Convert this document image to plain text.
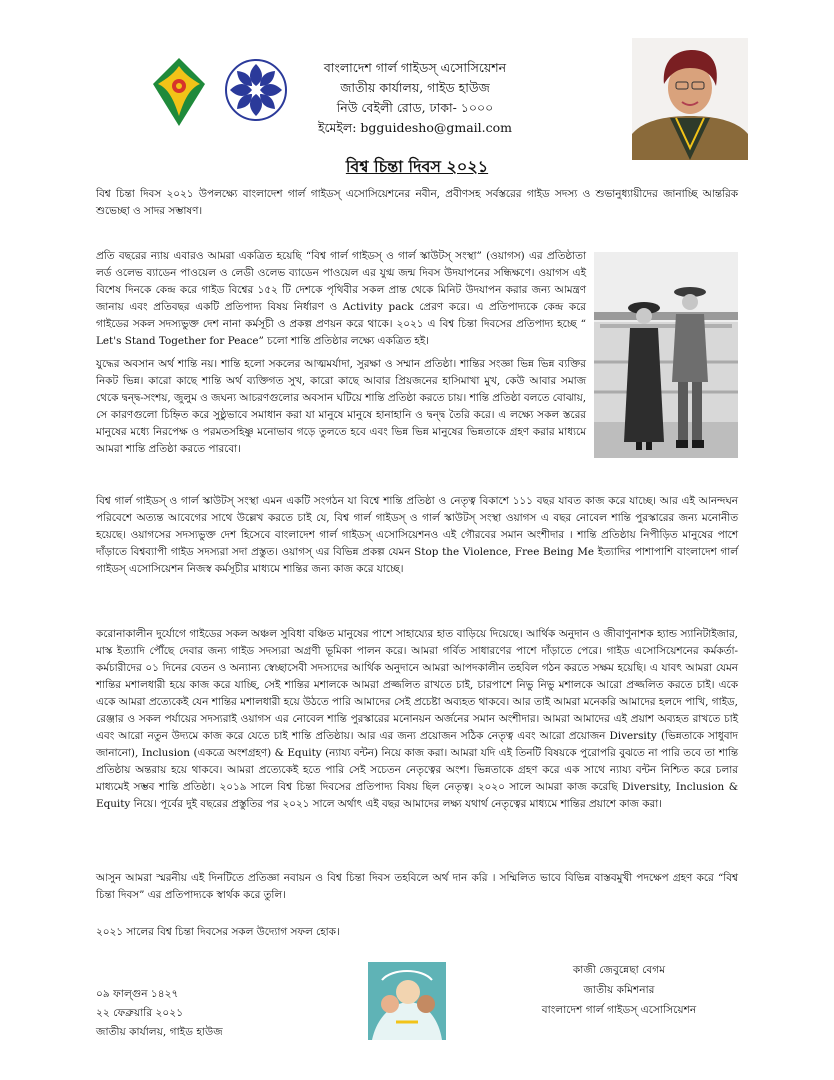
বাংলাদেশ গার্ল গাইডস্ এসোসিয়েশন
জাতীয় কার্যালয়, গাইড হাউজ
নিউ বেইলী রোড, ঢাকা- ১০০০
ইমেইল: bgguidesho@gmail.com
বিশ্ব চিন্তা দিবস ২০২১
বিশ্ব চিন্তা দিবস ২০২১ উপলক্ষ্যে বাংলাদেশ গার্ল গাইডস্ এসোসিয়েশনের নবীন, প্রবীণসহ সর্বস্তরের গাইড সদস্য ও শুভানুধ্যায়ীদের জানাচ্ছি আন্তরিক শুভেচ্ছা ও সাদর সম্ভাষণ।
প্রতি বছরের ন্যায় এবারও আমরা একত্রিত হয়েছি “বিশ্ব গার্ল গাইডস্ ও গার্ল স্কাউটস্ সংস্থা” (ওয়াগস) এর প্রতিষ্ঠাতা লর্ড ওলেভ ব্যাডেন পাওয়েল ও লেডী ওলেভ ব্যাডেন পাওয়েল এর যুগ্ম জন্ম দিবস উদযাপনের সন্ধিক্ষণে। ওয়াগস এই বিশেষ দিনকে কেন্দ্র করে গাইড বিশ্বের ১৫২ টি দেশকে পৃথিবীর সকল প্রান্ত থেকে মিনিট উদযাপন করার জন্য আমন্ত্রণ জানায় এবং প্রতিবছর একটি প্রতিপাদ্য বিষয় নির্ধারণ ও Activity pack প্রেরণ করে। এ প্রতিপাদ্যকে কেন্দ্র করে গাইডের সকল সদস্যভুক্ত দেশ নানা কর্মসূচী ও প্রকল্প প্রণয়ন করে থাকে। ২০২১ এ বিশ্ব চিন্তা দিবসের প্রতিপাদ্য হচ্ছে “ Let's Stand Together for Peace” চলো শান্তি প্রতিষ্ঠার লক্ষ্যে একত্রিত হই।
যুদ্ধের অবসান অর্থ শান্তি নয়। শান্তি হলো সকলের আত্মমর্যাদা, সুরক্ষা ও সম্মান প্রতিষ্ঠা। শান্তির সংজ্ঞা ভিন্ন ভিন্ন ব্যক্তির নিকট ভিন্ন। কারো কাছে শান্তি অর্থ ব্যক্তিগত সুখ, কারো কাছে আবার প্রিয়জনের হাসিমাখা মুখ, কেউ আবার সমাজ থেকে দ্বন্দ্ব-সংশয়, জুলুম ও জঘন্য আচরণগুলোর অবসান ঘটিয়ে শান্তি প্রতিষ্ঠা করতে চায়। শান্তি প্রতিষ্ঠা বলতে বোঝায়, সে কারণগুলো চিহ্নিত করে সুষ্ঠুভাবে সমাধান করা যা মানুষে মানুষে হানাহানি ও দ্বন্দ্ব তৈরি করে। এ লক্ষ্যে সকল স্তরের মানুষের মধ্যে নিরপেক্ষ ও পরমতসহিষ্ণু মনোভাব গড়ে তুলতে হবে এবং ভিন্ন ভিন্ন মানুষের ভিন্নতাকে গ্রহণ করার মাধ্যমে আমরা শান্তি প্রতিষ্ঠা করতে পারবো।
বিশ্ব গার্ল গাইডস্ ও গার্ল স্কাউটস্ সংস্থা এমন একটি সংগঠন যা বিশ্বে শান্তি প্রতিষ্ঠা ও নেতৃত্ব বিকাশে ১১১ বছর যাবত কাজ করে যাচ্ছে। আর এই আনন্দঘন পরিবেশে অত্যন্ত আবেগের সাথে উল্লেখ করতে চাই যে, বিশ্ব গার্ল গাইডস্ ও গার্ল স্কাউটস্ সংস্থা ওয়াগস এ বছর নোবেল শান্তি পুরস্কারের জন্য মনোনীত হয়েছে। ওয়াগসের সদস্যভুক্ত দেশ হিসেবে বাংলাদেশ গার্ল গাইডস্ এসোসিয়েশনও এই গৌরবের সমান অংশীদার । শান্তি প্রতিষ্ঠায় নিপীড়িত মানুষের পাশে দাঁড়াতে বিশ্বব্যাপী গাইড সদস্যরা সদা প্রস্তুত। ওয়াগস্ এর বিভিন্ন প্রকল্প যেমন Stop the Violence, Free Being Me ইত্যাদির পাশাপাশি বাংলাদেশ গার্ল গাইডস্ এসোসিয়েশন নিজস্ব কর্মসূচীর মাধ্যমে শান্তির জন্য কাজ করে যাচ্ছে।
করোনাকালীন দুর্যোগে গাইডের সকল অঞ্চল সুবিধা বঞ্চিত মানুষের পাশে সাহায্যের হাত বাড়িয়ে দিয়েছে। আর্থিক অনুদান ও জীবাণুনাশক হ্যান্ড স্যানিটাইজার, মাস্ক ইত্যাদি পৌঁছে দেবার জন্য গাইড সদস্যরা অগ্রণী ভূমিকা পালন করে। আমরা গর্বিত সাধারণের পাশে দাঁড়াতে পেরে। গাইড এসোসিয়েশনের কর্মকর্তা-কর্মচারীদের ০১ দিনের বেতন ও অন্যান্য স্বেচ্ছাসেবী সদস্যদের আর্থিক অনুদানে আমরা আপদকালীন তহবিল গঠন করতে সক্ষম হয়েছি। এ যাবৎ আমরা যেমন শান্তির মশালধারী হয়ে কাজ করে যাচ্ছি, সেই শান্তির মশালকে আমরা প্রজ্জলিত রাখতে চাই, চারপাশে নিভু নিভু মশালকে আরো প্রজ্জলিত করতে চাই। একে একে আমরা প্রত্যেকেই যেন শান্তির মশালধারী হয়ে উঠতে পারি আমাদের সেই প্রচেষ্টা অব্যহত থাকবে। আর তাই আমরা মনেকরি আমাদের হলদে পাখি, গাইড, রেঞ্জার ও সকল পর্যায়ের সদস্যরাই ওয়াগস এর নোবেল শান্তি পুরস্কারের মনোনয়ন অর্জনের সমান অংশীদার। আমরা আমাদের এই প্রয়াশ অব্যহত রাখতে চাই এবং আরো নতুন উদ্যমে কাজ করে যেতে চাই শান্তি প্রতিষ্ঠায়। আর এর জন্য প্রয়োজন সঠিক নেতৃত্ব এবং আরো প্রয়োজন Diversity (ভিন্নতাকে সাধুবাদ জানানো), Inclusion (একত্রে অংশগ্রহণ) & Equity (ন্যায্য বন্টন) নিয়ে কাজ করা। আমরা যদি এই তিনটি বিষয়কে পুরোপরি বুঝতে না পারি তবে তা শান্তি প্রতিষ্ঠায় অন্তরায় হয়ে থাকবে। আমরা প্রত্যেকেই হতে পারি সেই সচেতন নেতৃত্বের অংশ। ভিন্নতাকে গ্রহণ করে এক সাথে ন্যায্য বন্টন নিশ্চিত করে চলার মাধ্যমেই সম্ভব শান্তি প্রতিষ্ঠা। ২০১৯ সালে বিশ্ব চিন্তা দিবসের প্রতিপাদ্য বিষয় ছিল নেতৃত্ব। ২০২০ সালে আমরা কাজ করেছি Diversity, Inclusion & Equity নিয়ে। পূর্বের দুই বছরের প্রস্তুতির পর ২০২১ সালে অর্থাৎ এই বছর আমাদের লক্ষ্য যথার্থ নেতৃত্বের মাধ্যমে শান্তির প্রয়াশে কাজ করা।
আসুন আমরা স্মরনীয় এই দিনটিতে প্রতিজ্ঞা নবায়ন ও বিশ্ব চিন্তা দিবস তহবিলে অর্থ দান করি । সম্মিলিত ভাবে বিভিন্ন বাস্তবমুখী পদক্ষেপ গ্রহণ করে “বিশ্ব চিন্তা দিবস” এর প্রতিপাদ্যকে স্বার্থক করে তুলি।
২০২১ সালের বিশ্ব চিন্তা দিবসের সকল উদ্যোগ সফল হোক।
০৯ ফাল্গুন ১৪২৭
২২ ফেব্রুয়ারি ২০২১
জাতীয় কার্যালয়, গাইড হাউজ
কাজী জেবুন্নেছা বেগম
জাতীয় কমিশনার
বাংলাদেশ গার্ল গাইডস্ এসোসিয়েশন
